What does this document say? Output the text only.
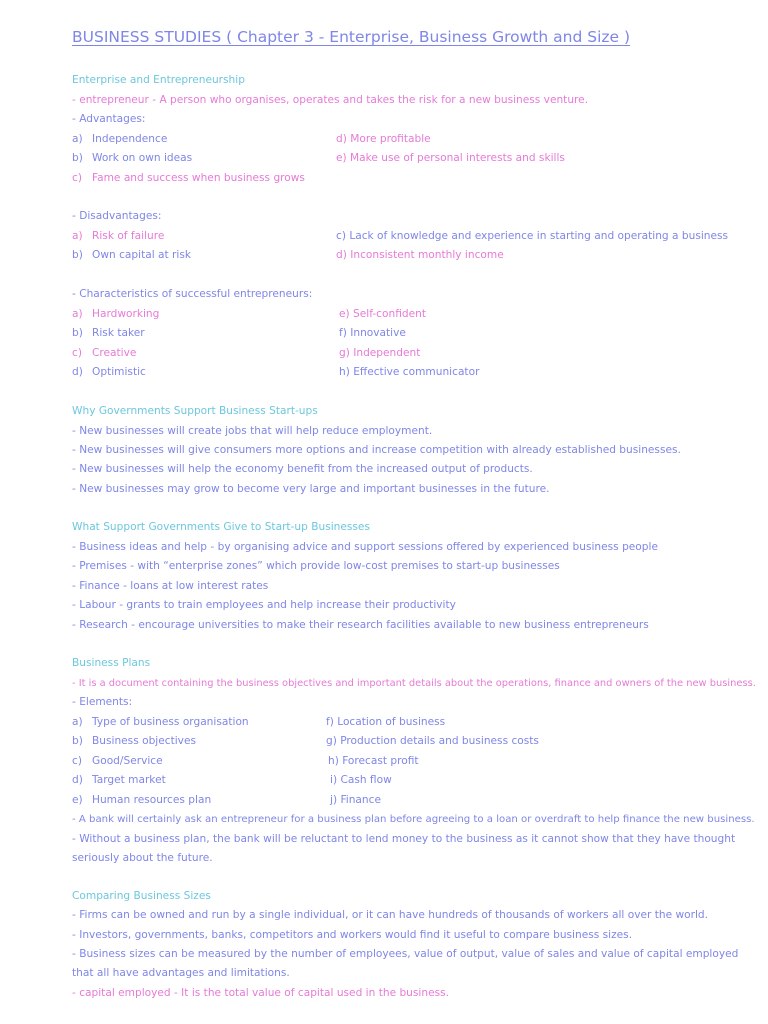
BUSINESS STUDIES ( Chapter 3 - Enterprise, Business Growth and Size )
Enterprise and Entrepreneurship
- entrepreneur - A person who organises, operates and takes the risk for a new business venture.
- Advantages:
a) Independence	d) More profitable
b) Work on own ideas	e) Make use of personal interests and skills
c) Fame and success when business grows
- Disadvantages:
a) Risk of failure	c) Lack of knowledge and experience in starting and operating a business
b) Own capital at risk	d) Inconsistent monthly income
- Characteristics of successful entrepreneurs:
a) Hardworking	e) Self-confident
b) Risk taker	f) Innovative
c) Creative	g) Independent
d) Optimistic	h) Effective communicator
Why Governments Support Business Start-ups
- New businesses will create jobs that will help reduce employment.
- New businesses will give consumers more options and increase competition with already established businesses.
- New businesses will help the economy benefit from the increased output of products.
- New businesses may grow to become very large and important businesses in the future.
What Support Governments Give to Start-up Businesses
- Business ideas and help - by organising advice and support sessions offered by experienced business people
- Premises - with “enterprise zones” which provide low-cost premises to start-up businesses
- Finance - loans at low interest rates
- Labour - grants to train employees and help increase their productivity
- Research - encourage universities to make their research facilities available to new business entrepreneurs
Business Plans
- It is a document containing the business objectives and important details about the operations, finance and owners of the new business.
- Elements:
a) Type of business organisation	f) Location of business
b) Business objectives	g) Production details and business costs
c) Good/Service	h) Forecast profit
d) Target market	i) Cash flow
e) Human resources plan	j) Finance
- A bank will certainly ask an entrepreneur for a business plan before agreeing to a loan or overdraft to help finance the new business.
- Without a business plan, the bank will be reluctant to lend money to the business as it cannot show that they have thought seriously about the future.
Comparing Business Sizes
- Firms can be owned and run by a single individual, or it can have hundreds of thousands of workers all over the world.
- Investors, governments, banks, competitors and workers would find it useful to compare business sizes.
- Business sizes can be measured by the number of employees, value of output, value of sales and value of capital employed that all have advantages and limitations.
- capital employed - It is the total value of capital used in the business.
